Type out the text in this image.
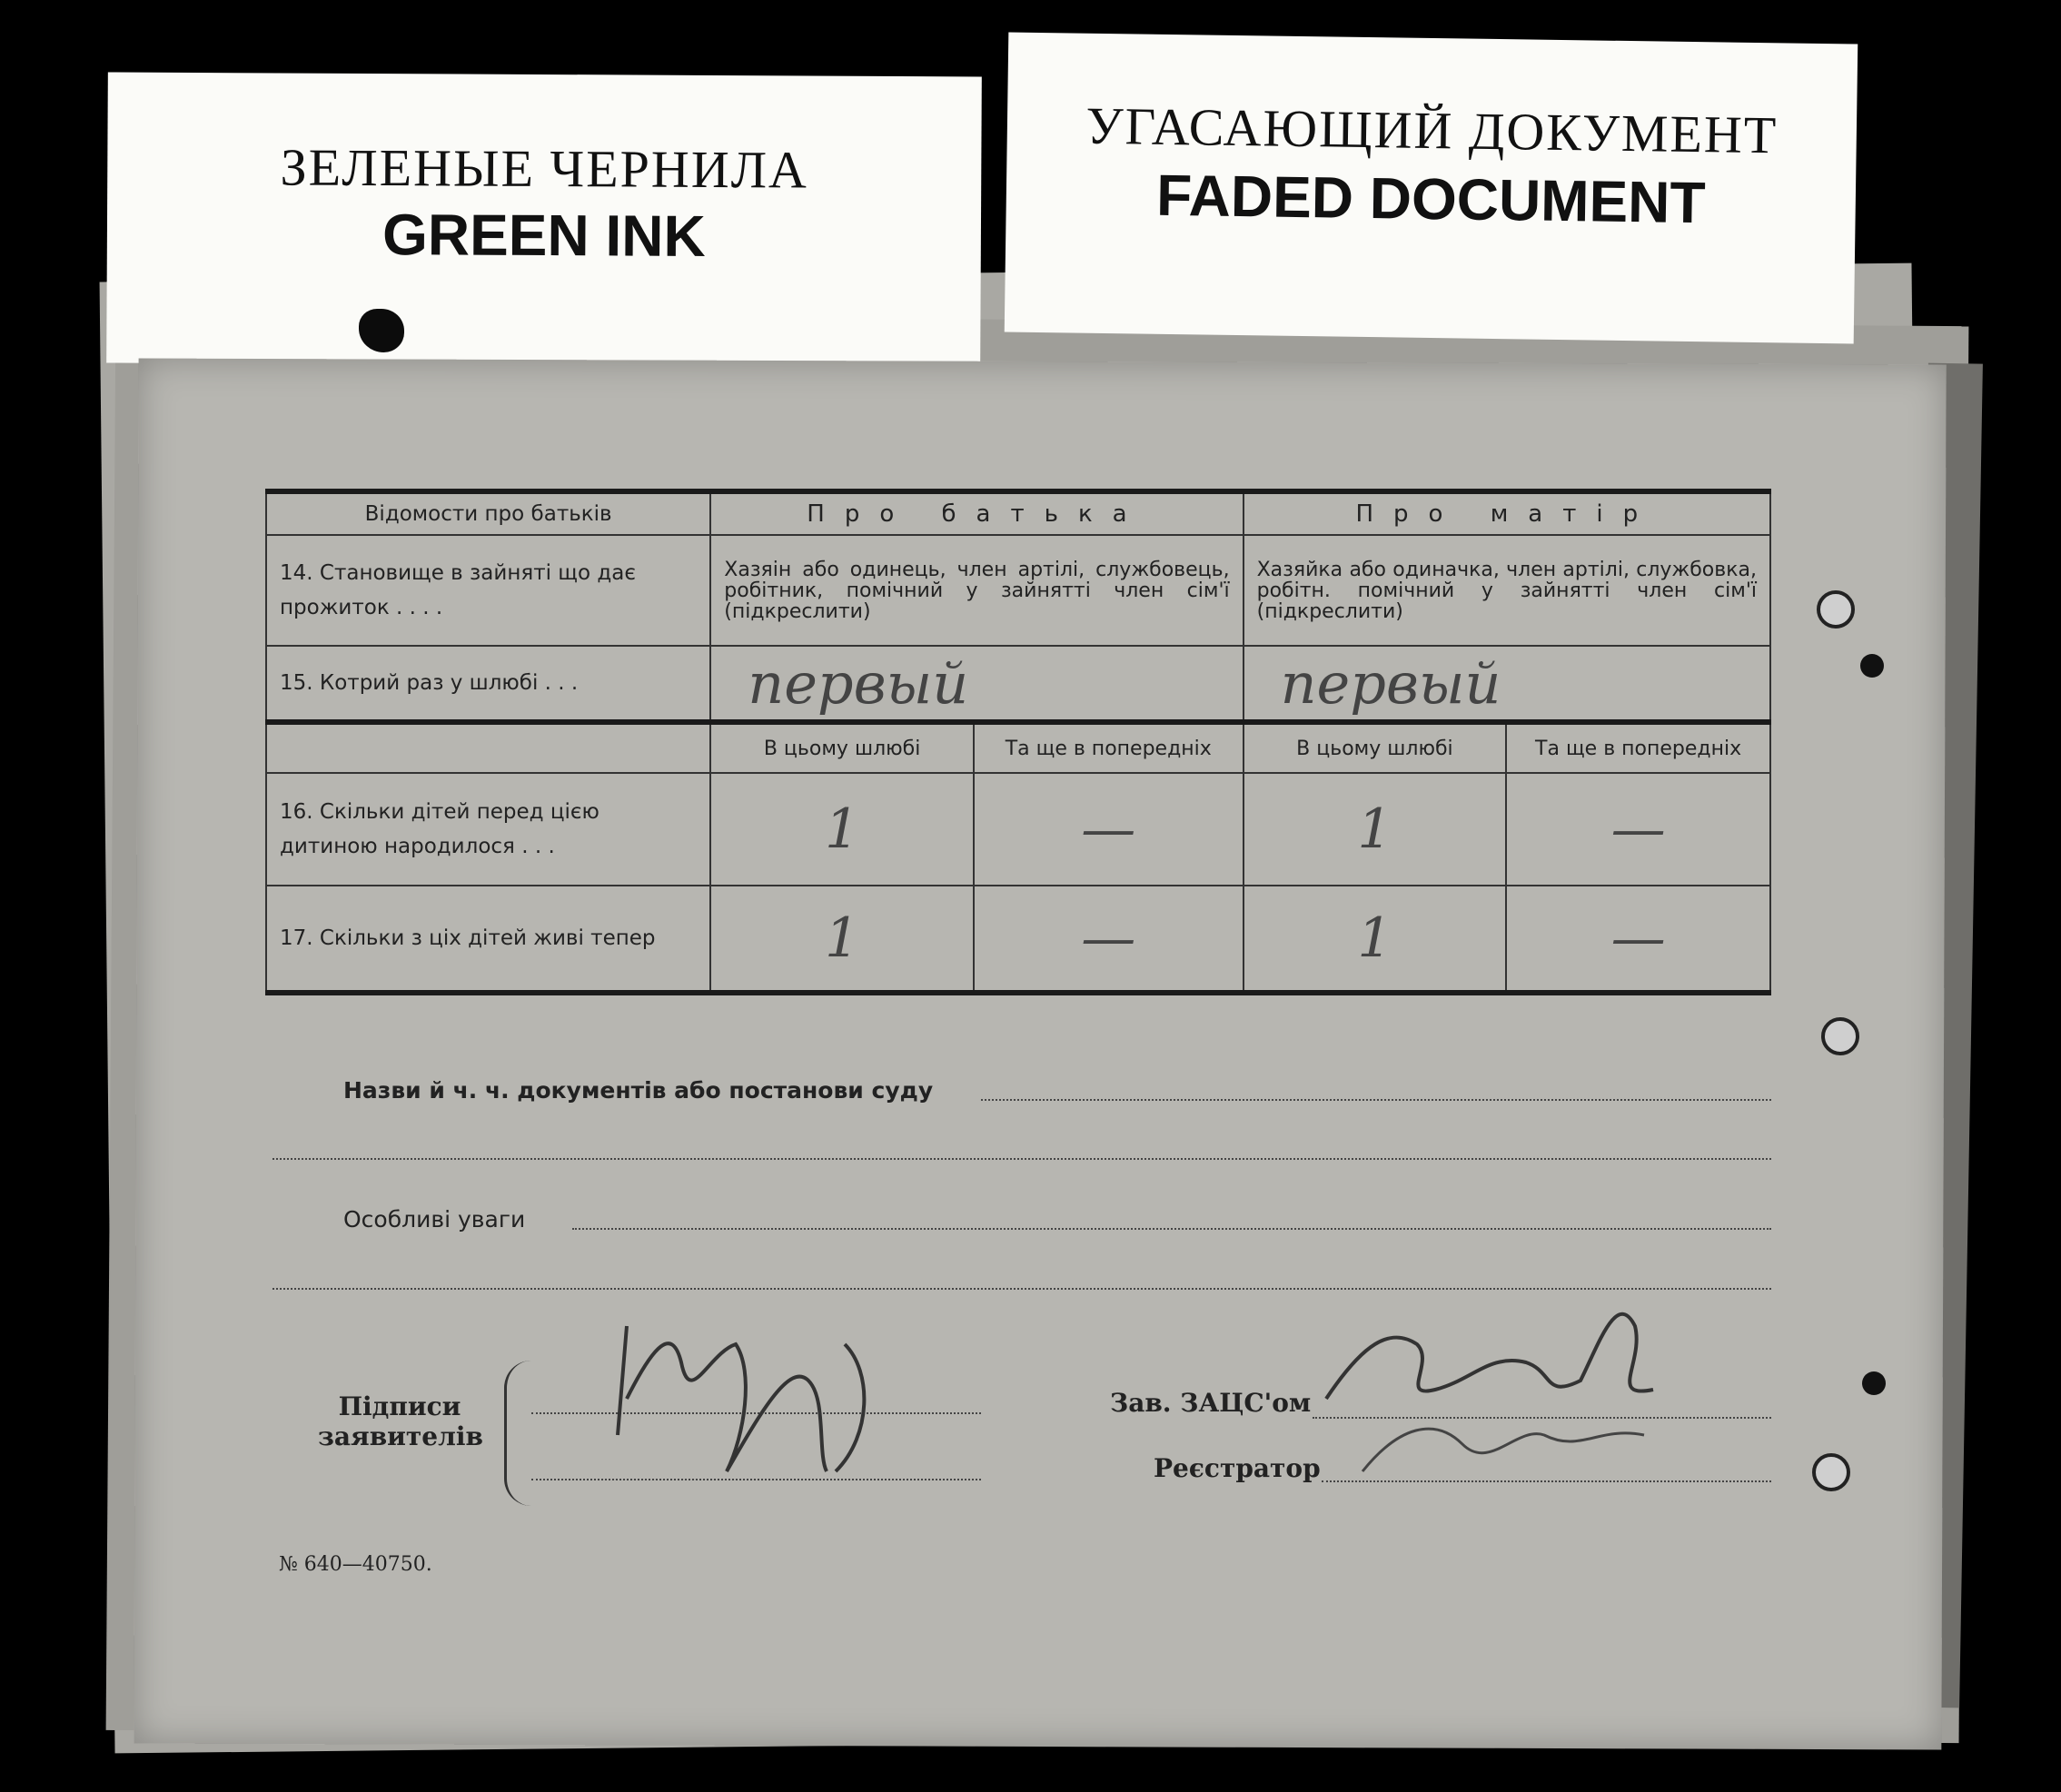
ЗЕЛЕНЫЕ ЧЕРНИЛА
GREEN INK
УГАСАЮЩИЙ ДОКУМЕНТ
FADED DOCUMENT
Відомости про батьків	Про батька		Про матір	
14. Становище в зайняті що дає прожиток . . . .	Хазяін або одинець, член артілі, службовець, робітник, помічний у зайнятті член сім'ї (підкреслити)		Хазяйка або одиначка, член артілі, службовка, робітн. помічний у зайнятті член сім'ї (підкреслити)	
15. Котрий раз у шлюбі . . .	первый		первый	
	В цьому шлюбі	Та ще в попередніх	В цьому шлюбі	Та ще в попередніх
16. Скільки дітей перед цією дитиною народилося . . .	1	—	1	—
17. Скільки з ціх дітей живі тепер	1	—	1	—
Назви й ч. ч. документів або постанови суду
Особливі уваги
Підписи заявителів
Зав. ЗАЦС'ом
Реєстратор
№ 640—40750.
